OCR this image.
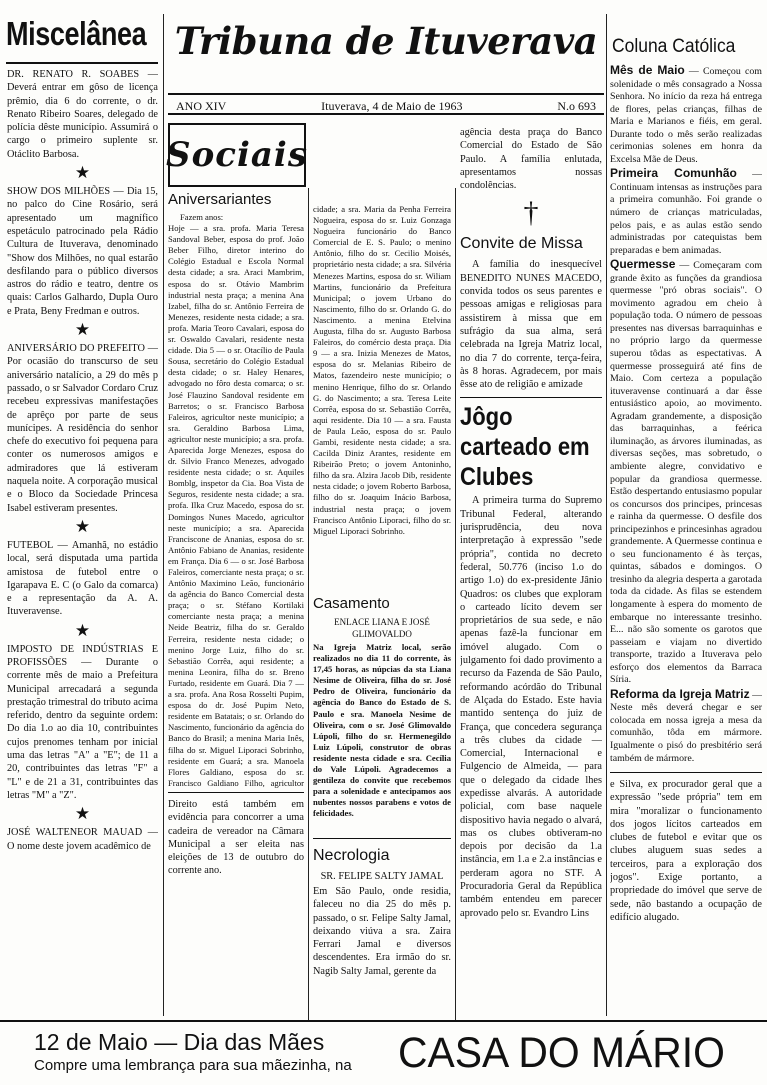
Miscelânea

DR. RENATO R. SOABES — Deverá entrar em gôso de licença prêmio, dia 6 do corrente, o dr. Renato Ribeiro Soares, delegado de polícia dêste município. Assumirá o cargo o primeiro suplente sr. Otáclito Barbosa.

★

SHOW DOS MILHÕES — Dia 15, no palco do Cine Rosário, será apresentado um magnífico espetáculo patrocinado pela Rádio Cultura de Ituverava, denominado "Show dos Milhões, no qual estarão desfilando para o público diversos astros do rádio e teatro, dentre os quais: Carlos Galhardo, Dupla Ouro e Prata, Beny Fredman e outros.

★

ANIVERSÁRIO DO PREFEITO — Por ocasião do transcurso de seu aniversário natalício, a 29 do mês p passado, o sr Salvador Cordaro Cruz recebeu expressivas manifestações de aprêço por parte de seus munícipes. A residência do senhor chefe do executivo foi pequena para conter os numerosos amigos e admiradores que lá estiveram naquela noite. A corporação musical e o Bloco da Sociedade Princesa Isabel estiveram presentes.

★

FUTEBOL — Amanhã, no estádio local, será disputada uma partida amistosa de futebol entre o Igarapava E. C (o Galo da comarca) e a representação da A. A. Ituveravense.

★

IMPOSTO DE INDÚSTRIAS E PROFISSÕES — Durante o corrente mês de maio a Prefeitura Municipal arrecadará a segunda prestação trimestral do tributo acima referido, dentro da seguinte ordem: Do dia 1.o ao dia 10, contribuintes cujos prenomes tenham por inicial uma das letras "A" a "E"; de 11 a 20, contribuintes das letras "F" a "L" e de 21 a 31, contribuintes das letras "M" a "Z".

★

JOSÉ WALTENEOR MAUAD — O nome deste jovem acadêmico de

Tribuna de Ituverava
ANO XIV	Ituverava, 4 de Maio de 1963	N.o 693
Sociais
Aniversariantes

Fazem anos:

Hoje — a sra. profa. Maria Teresa Sandoval Beber, esposa do prof. João Beber Filho, diretor interino do Colégio Estadual e Escola Normal desta cidade; a sra. Araci Mambrim, esposa do sr. Otávio Mambrim industrial nesta praça; a menina Ana Izabel, filha do sr. Antônio Ferreira de Menezes, residente nesta cidade; a sra. profa. Maria Teoro Cavalari, esposa do sr. Oswaldo Cavalari, residente nesta cidade. Dia 5 — o sr. Otacílio de Paula Sousa, secretário do Colégio Estadual desta cidade; o sr. Haley Henares, advogado no fôro desta comarca; o sr. José Flauzino Sandoval residente em Barretos; o sr. Francisco Barbosa Faleiros, agricultor neste município; a sra. Geraldino Barbosa Lima, agricultor neste município; a sra. profa. Aparecida Jorge Menezes, esposa do dr. Silvio Franco Menezes, advogado residente nesta cidade; o sr. Aquiles Bomblg, inspetor da Cia. Boa Vista de Seguros, residente nesta cidade; a sra. profa. Ilka Cruz Macedo, esposa do sr. Domingos Nunes Macedo, agricultor neste município; a sra. Aparecida Franciscone de Ananias, esposa do sr. Antônio Fabiano de Ananias, residente em França. Dia 6 — o sr. José Barbosa Faleiros, comerciante nesta praça; o sr. Antônio Maximino Leão, funcionário da agência do Banco Comercial desta praça; o sr. Stéfano Kortilaki comerciante nesta praça; a menina Neide Beatriz, filha do sr. Geraldo Ferreira, residente nesta cidade; o menino Jorge Luiz, filho do sr. Sebastião Corrêa, aqui residente; a menina Leonira, filha do sr. Breno Furtado, residente em Guará. Dia 7 — a sra. profa. Ana Rosa Rosselti Pupim, esposa do dr. José Pupim Neto, residente em Batatais; o sr. Orlando do Nascimento, funcionário da agência do Banco do Brasil; a menina Maria Inês, filha do sr. Miguel Liporaci Sobrinho, residente em Guará; a sra. Manoela Flores Galdiano, esposa do sr. Francisco Galdiano Filho, agricultor

Direito está também em evidência para concorrer a uma cadeira de vereador na Câmara Municipal a ser eleita nas eleições de 13 de outubro do corrente ano.

cidade; a sra. Maria da Penha Ferreira Nogueira, esposa do sr. Luiz Gonzaga Nogueira funcionário do Banco Comercial de E. S. Paulo; o menino Antônio, filho do sr. Cecilio Moisés, proprietário nesta cidade; a sra. Silvéria Menezes Martins, esposa do sr. Wiliam Martins, funcionário da Prefeitura Municipal; o jovem Urbano do Nascimento, filho do sr. Orlando G. do Nascimento. a menina Etelvina Augusta, filha do sr. Augusto Barbosa Faleiros, do comércio desta praça. Dia 9 — a sra. Inizia Menezes de Matos, esposa do sr. Melanias Ribeiro de Matos, fazendeiro neste município; o menino Henrique, filho do sr. Orlando G. do Nascimento; a sra. Teresa Leite Corrêa, esposa do sr. Sebastião Corrêa, aqui residente. Dia 10 — a sra. Fausta de Paula Leão, esposa do sr. Paulo Gambi, residente nesta cidade; a sra. Cacilda Diniz Arantes, residente em Ribeirão Preto; o jovem Antoninho, filho da sra. Alzira Jacob Dib, residente nesta cidade; o jovem Roberto Barbosa, filho do sr. Joaquim Inácio Barbosa, industrial nesta praça; o jovem Francisco Antônio Liporaci, filho do sr. Miguel Liporaci Sobrinho.

Casamento
ENLACE LIANA E JOSÉ GLIMOVALDO

Na Igreja Matriz local, serão realizados no dia 11 do corrente, às 17,45 horas, as núpcias da sta Liana Nesime de Oliveira, filha do sr. José Pedro de Oliveira, funcionário da agência do Banco do Estado de S. Paulo e sra. Manoela Nesime de Oliveira, com o sr. José Glimovaldo Lúpoli, filho do sr. Hermenegildo Luiz Lúpoli, construtor de obras residente nesta cidade e sra. Cecília do Vale Lúpoli. Agradecemos a gentileza do convite que recebemos para a solenidade e antecipamos aos nubentes nossos parabens e votos de felicidades.

Necrologia
SR. FELIPE SALTY JAMAL

Em São Paulo, onde residia, faleceu no dia 25 do mês p. passado, o sr. Felipe Salty Jamal, deixando viúva a sra. Zaira Ferrari Jamal e diversos descendentes. Era irmão do sr. Nagib Salty Jamal, gerente da

agência desta praça do Banco Comercial do Estado de São Paulo. A família enlutada, apresentamos nossas condolências.

†
Convite de Missa

A família do inesquecível BENEDITO NUNES MACEDO, convida todos os seus parentes e pessoas amigas e religiosas para assistirem à missa que em sufrágio da sua alma, será celebrada na Igreja Matriz local, no dia 7 do corrente, terça-feira, às 8 horas. Agradecem, por mais êsse ato de religião e amizade

Jôgo carteado em Clubes

A primeira turma do Supremo Tribunal Federal, alterando jurisprudência, deu nova interpretação à expressão "sede própria", contida no decreto federal, 50.776 (inciso 1.o do artigo 1.o) do ex-presidente Jânio Quadros: os clubes que exploram o carteado lícito devem ser proprietários de sua sede, e não apenas fazê-la funcionar em imóvel alugado. Com o julgamento foi dado provimento a recurso da Fazenda de São Paulo, reformando acórdão do Tribunal de Alçada do Estado. Este havia mantido sentença do juiz de França, que concedera segurança a três clubes da cidade — Comercial, Internacional e Fulgencio de Almeida, — para que o delegado da cidade lhes expedisse alvarás. A autoridade policial, com base naquele dispositivo havia negado o alvará, mas os clubes obtiveram-no depois por decisão da 1.a instância, em 1.a e 2.a instâncias e perderam agora no STF. A Procuradoria Geral da República também entendeu em parecer aprovado pelo sr. Evandro Lins

Coluna Católica

Mês de Maio — Começou com solenidade o mês consagrado a Nossa Senhora. No início da reza há entrega de flores, pelas crianças, filhas de Maria e Marianos e fiéis, em geral. Durante todo o mês serão realizadas cerimonias solenes em honra da Excelsa Mãe de Deus.

Primeira Comunhão — Continuam intensas as instruções para a primeira comunhão. Foi grande o número de crianças matriculadas, pelos pais, e as aulas estão sendo administradas por catequistas bem preparadas e bem animadas.

Quermesse — Começaram com grande êxito as funções da grandiosa quermesse "pró obras sociais". O movimento agradou em cheio à população toda. O número de pessoas presentes nas diversas barraquinhas e no próprio largo da quermesse superou tôdas as espectativas. A quermesse prosseguirá até fins de Maio. Com certeza a população ituveravense continuará a dar êsse entusiástico apoio, ao movimento. Agradam grandemente, a disposição das barraquinhas, a feérica iluminação, as árvores iluminadas, as diversas seções, mas sobretudo, o ambiente alegre, convidativo e popular da grandiosa quermesse. Estão despertando entusiasmo popular os concursos dos principes, princesas e rainha da quermesse. O desfile dos principezinhos e princesinhas agradou grandemente. A Quermesse continua e o seu funcionamento é às terças, quintas, sábados e domingos. O tresinho da alegria desperta a garotada toda da cidade. As filas se estendem longamente à espera do momento de embarque no interessante tresinho. E... não são somente os garotos que passeiam e viajam no divertido transporte, trazido a Ituverava pelo esforço dos elementos da Barraca Síria.

Reforma da Igreja Matriz — Neste mês deverá chegar e ser colocada em nossa igreja a mesa da comunhão, tôda em mármore. Igualmente o pisó do presbitério será também de mármore.

e Silva, ex procurador geral que a expressão "sede própria" tem em mira "moralizar o funcionamento dos jogos lícitos carteados em clubes de futebol e evitar que os clubes aluguem suas sedes a terceiros, para a exploração dos jogos". Exige portanto, a propriedade do imóvel que serve de sede, não bastando a ocupação de edifício alugado.

12 de Maio — Dia das Mães
Compre uma lembrança para sua mãezinha, na CASA DO MÁRIO
